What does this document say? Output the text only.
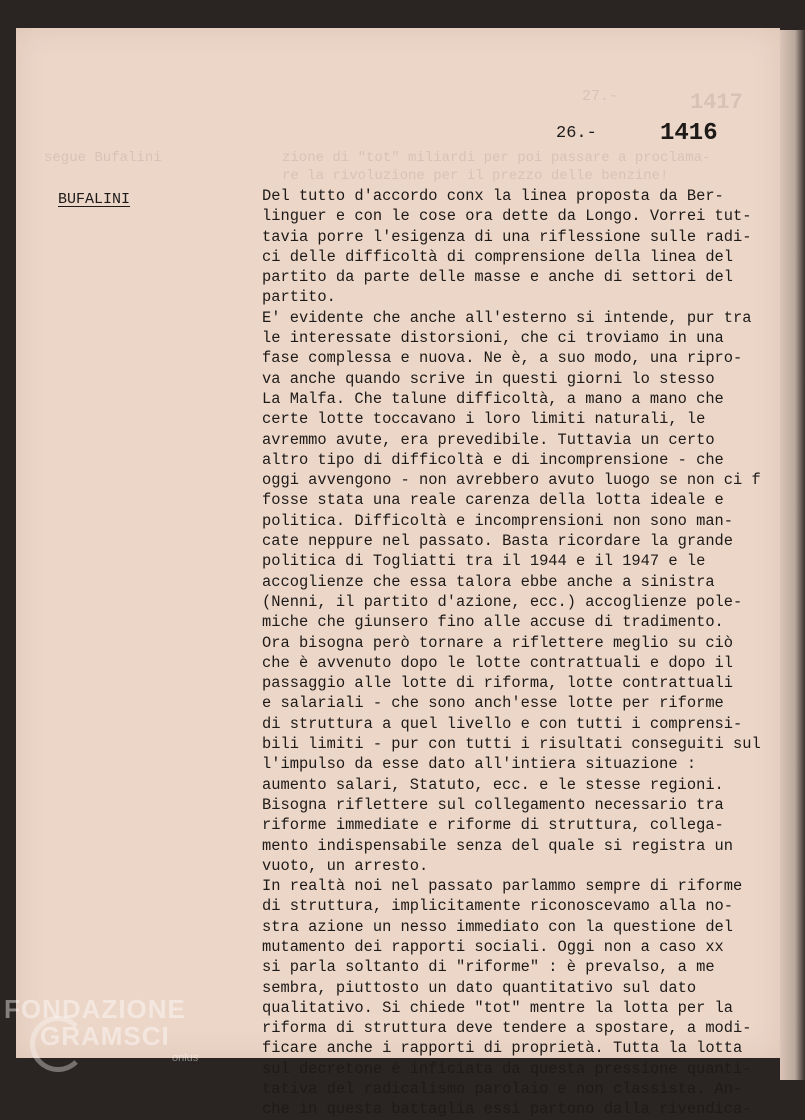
27.-	1417
segue Bufalini	zione di "tot" miliardi per poi passare a proclama-
re la rivoluzione per il prezzo delle benzine!
26.-	1416
BUFALINI	Del tutto d'accordo conx la linea proposta da Ber-
linguer e con le cose ora dette da Longo. Vorrei tut-
tavia porre l'esigenza di una riflessione sulle radi-
ci delle difficoltà di comprensione della linea del
partito da parte delle masse e anche di settori del
partito.
E' evidente che anche all'esterno si intende, pur tra
le interessate distorsioni, che ci troviamo in una
fase complessa e nuova. Ne è, a suo modo, una ripro-
va anche quando scrive in questi giorni lo stesso
La Malfa. Che talune difficoltà, a mano a mano che
certe lotte toccavano i loro limiti naturali, le
avremmo avute, era prevedibile. Tuttavia un certo
altro tipo di difficoltà e di incomprensione - che
oggi avvengono - non avrebbero avuto luogo se non ci f
fosse stata una reale carenza della lotta ideale e
politica. Difficoltà e incomprensioni non sono man-
cate neppure nel passato. Basta ricordare la grande
politica di Togliatti tra il 1944 e il 1947 e le
accoglienze che essa talora ebbe anche a sinistra
(Nenni, il partito d'azione, ecc.) accoglienze pole-
miche che giunsero fino alle accuse di tradimento.
Ora bisogna però tornare a riflettere meglio su ciò
che è avvenuto dopo le lotte contrattuali e dopo il
passaggio alle lotte di riforma, lotte contrattuali
e salariali - che sono anch'esse lotte per riforme
di struttura a quel livello e con tutti i comprensi-
bili limiti - pur con tutti i risultati conseguiti sul
l'impulso da esse dato all'intiera situazione :
aumento salari, Statuto, ecc. e le stesse regioni.
Bisogna riflettere sul collegamento necessario tra
riforme immediate e riforme di struttura, collega-
mento indispensabile senza del quale si registra un
vuoto, un arresto.
In realtà noi nel passato parlammo sempre di riforme
di struttura, implicitamente riconoscevamo alla no-
stra azione un nesso immediato con la questione del
mutamento dei rapporti sociali. Oggi non a caso xx
si parla soltanto di "riforme" : è prevalso, a me
sembra, piuttosto un dato quantitativo sul dato
qualitativo. Si chiede "tot" mentre la lotta per la
riforma di struttura deve tendere a spostare, a modi-
ficare anche i rapporti di proprietà. Tutta la lotta
sul decretone è inficiata da questa pressione quanti-
tativa del radicalismo parolaio e non classista. An-
che in questa battaglia essi partono dalla rivendica-
FONDAZIONE
GRAMSCI
onlus
